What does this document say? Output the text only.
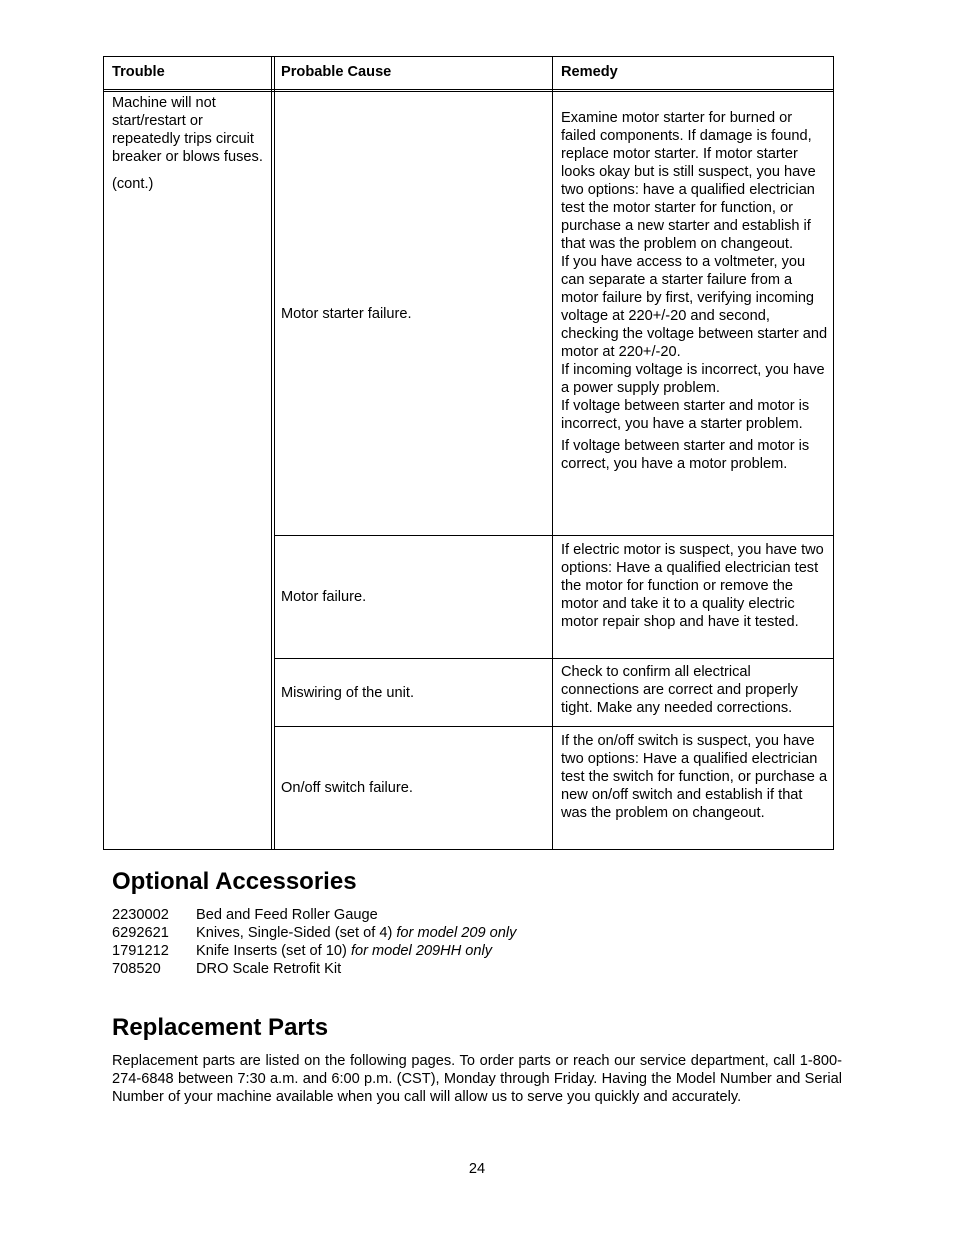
Trouble	Probable Cause	Remedy

Machine will not start/restart or repeatedly trips circuit breaker or blows fuses.

(cont.)

Motor starter failure.

Examine motor starter for burned or failed components. If damage is found, replace motor starter. If motor starter looks okay but is still suspect, you have two options: have a qualified electrician test the motor starter for function, or purchase a new starter and establish if that was the problem on changeout.

If you have access to a voltmeter, you can separate a starter failure from a motor failure by first, verifying incoming voltage at 220+/-20 and second, checking the voltage between starter and motor at 220+/-20.

If incoming voltage is incorrect, you have a power supply problem.

If voltage between starter and motor is incorrect, you have a starter problem.

If voltage between starter and motor is correct, you have a motor problem.

Motor failure.

If electric motor is suspect, you have two options: Have a qualified electrician test the motor for function or remove the motor and take it to a quality electric motor repair shop and have it tested.

Miswiring of the unit.

Check to confirm all electrical connections are correct and properly tight. Make any needed corrections.

On/off switch failure.

If the on/off switch is suspect, you have two options: Have a qualified electrician test the switch for function, or purchase a new on/off switch and establish if that was the problem on changeout.

Optional Accessories
2230002 Bed and Feed Roller Gauge
6292621 Knives, Single-Sided (set of 4) for model 209 only
1791212 Knife Inserts (set of 10) for model 209HH only
708520 DRO Scale Retrofit Kit
Replacement Parts

Replacement parts are listed on the following pages. To order parts or reach our service department, call 1-800-274-6848 between 7:30 a.m. and 6:00 p.m. (CST), Monday through Friday. Having the Model Number and Serial Number of your machine available when you call will allow us to serve you quickly and accurately.

24
